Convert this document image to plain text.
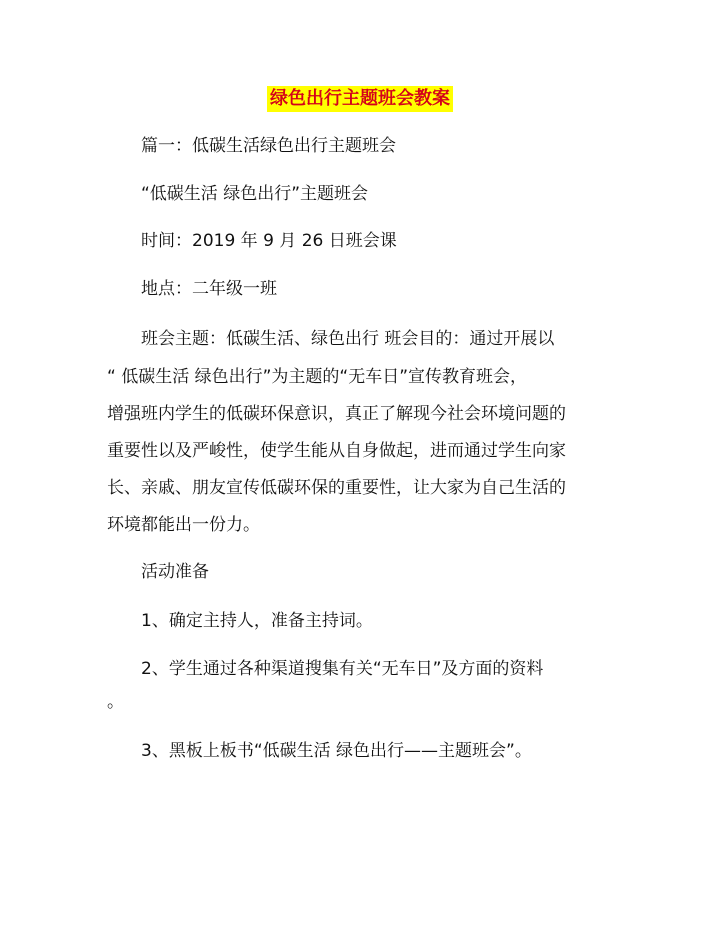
绿色出行主题班会教案
篇一：低碳生活绿色出行主题班会
“低碳生活 绿色出行”主题班会
时间：2019 年 9 月 26 日班会课
地点：二年级一班
班会主题：低碳生活、绿色出行 班会目的：通过开展以
“ 低碳生活 绿色出行”为主题的“无车日”宣传教育班会，
增强班内学生的低碳环保意识，真正了解现今社会环境问题的
重要性以及严峻性，使学生能从自身做起，进而通过学生向家
长、亲戚、朋友宣传低碳环保的重要性，让大家为自己生活的
环境都能出一份力。
活动准备
1、确定主持人，准备主持词。
2、学生通过各种渠道搜集有关“无车日”及方面的资料
。
3、黑板上板书“低碳生活 绿色出行——主题班会”。
